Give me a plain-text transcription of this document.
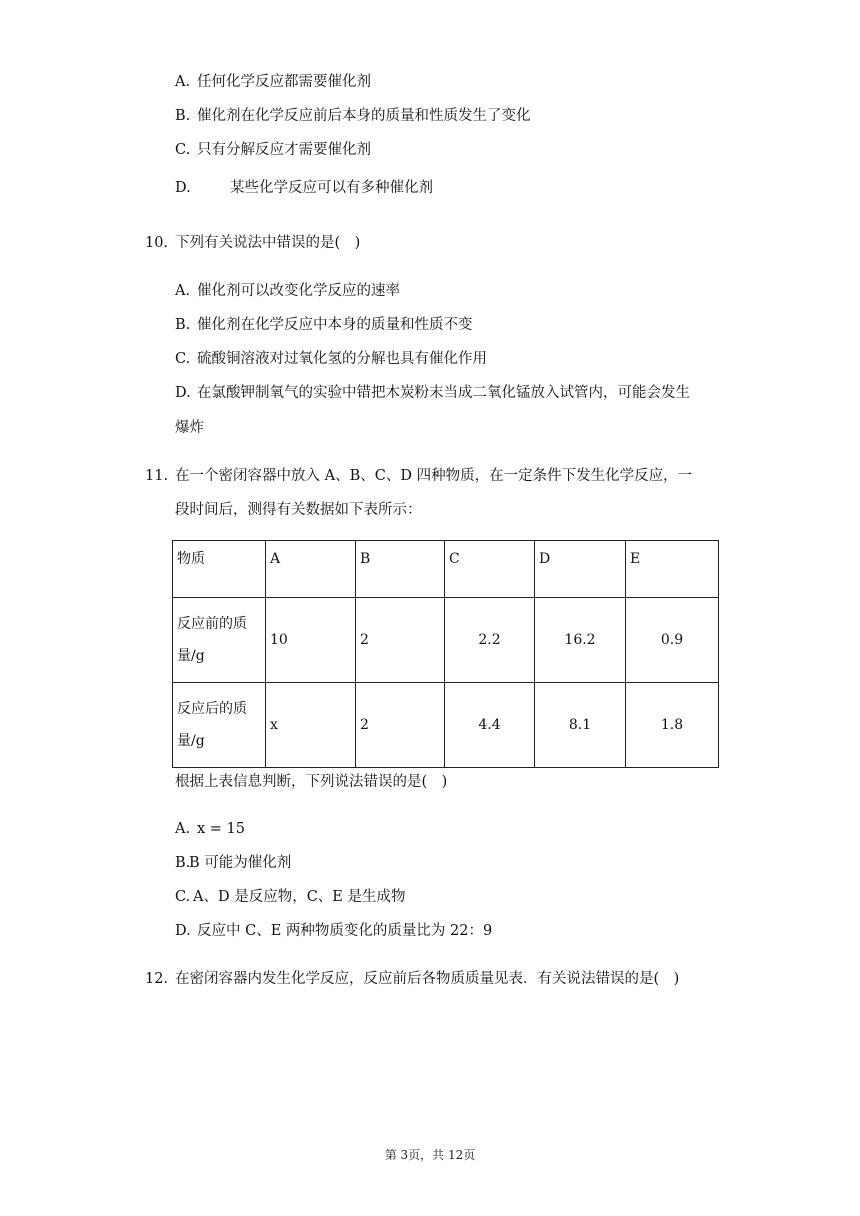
A. 任何化学反应都需要催化剂
B. 催化剂在化学反应前后本身的质量和性质发生了变化
C. 只有分解反应才需要催化剂
D.	某些化学反应可以有多种催化剂
10. 下列有关说法中错误的是( )
A. 催化剂可以改变化学反应的速率
B. 催化剂在化学反应中本身的质量和性质不变
C. 硫酸铜溶液对过氧化氢的分解也具有催化作用
D. 在氯酸钾制氧气的实验中错把木炭粉末当成二氧化锰放入试管内，可能会发生
爆炸
11. 在一个密闭容器中放入 A、B、C、D 四种物质，在一定条件下发生化学反应，一
段时间后，测得有关数据如下表所示：
物质	A	B	C	D	E
反应前的质
量/g	10	2	2.2	16.2	0.9
反应后的质
量/g	x	2	4.4	8.1	1.8
根据上表信息判断，下列说法错误的是( )
A. x = 15
B.B 可能为催化剂
C. A、D 是反应物，C、E 是生成物
D. 反应中 C、E 两种物质变化的质量比为 22：9
12. 在密闭容器内发生化学反应，反应前后各物质质量见表．有关说法错误的是( )
第 3页，共 12页
